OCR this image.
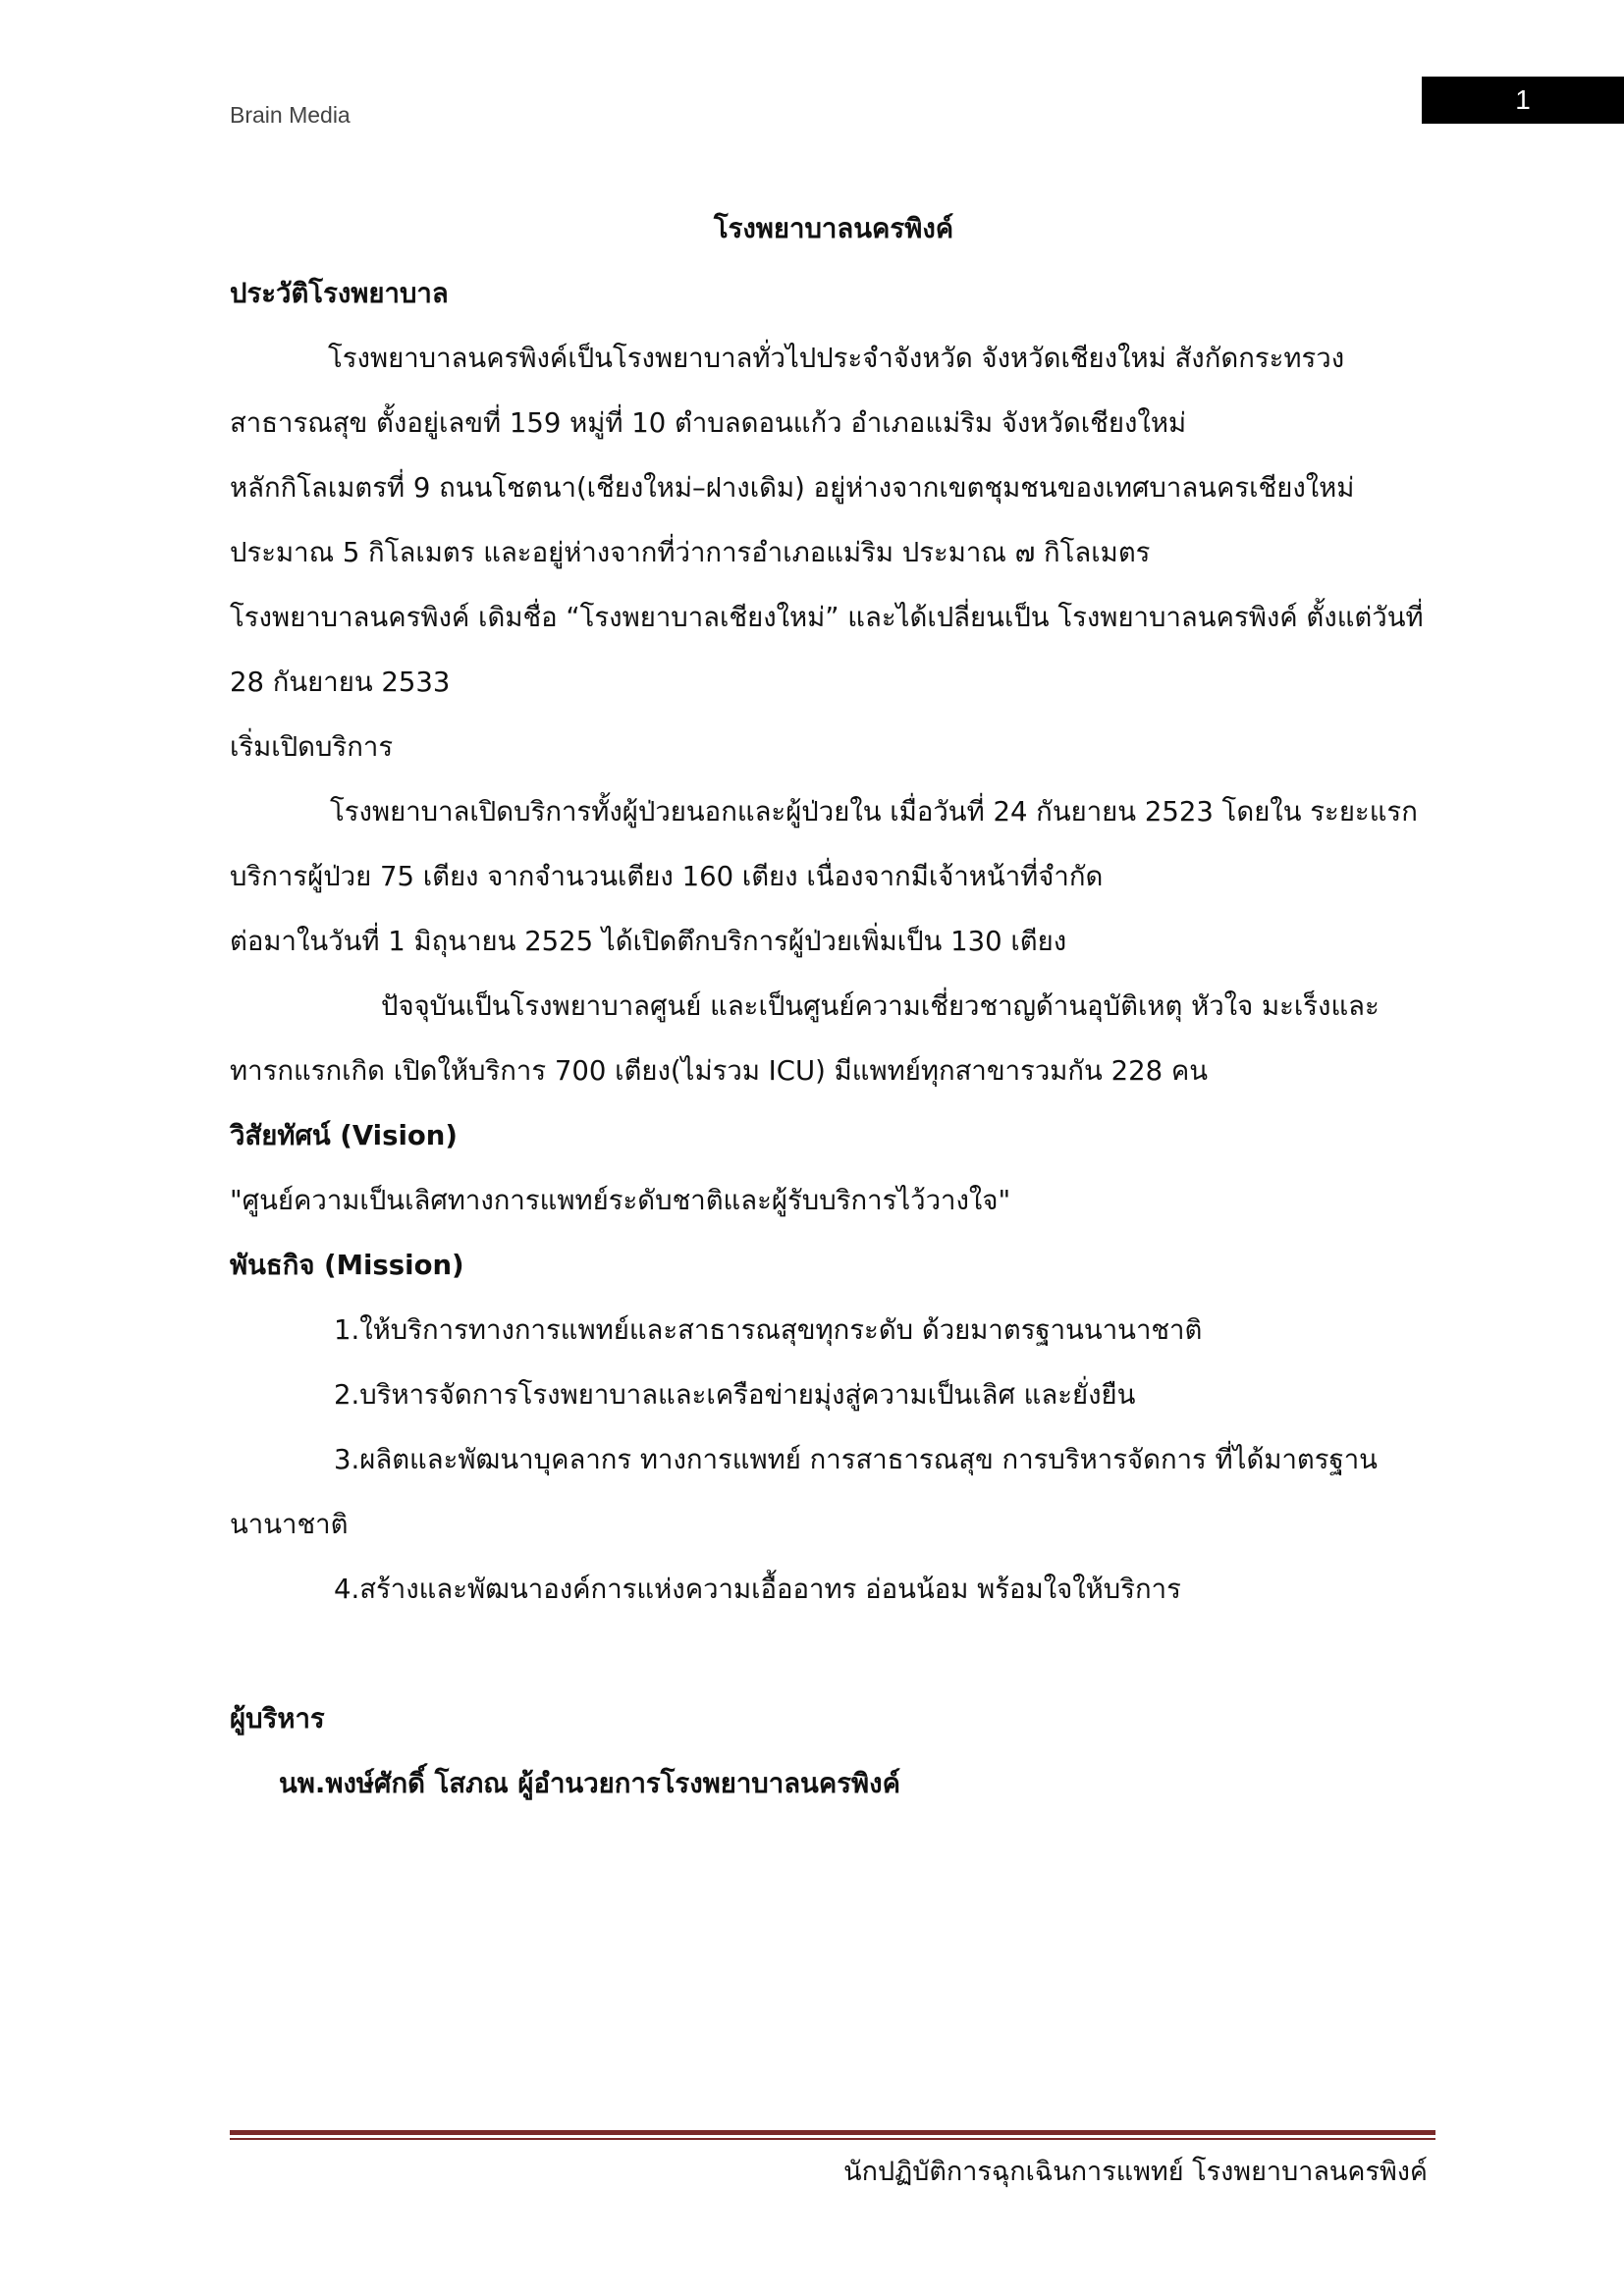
Brain Media	1
โรงพยาบาลนครพิงค์
ประวัติโรงพยาบาล
โรงพยาบาลนครพิงค์เป็นโรงพยาบาลทั่วไปประจำจังหวัด จังหวัดเชียงใหม่ สังกัดกระทรวง
สาธารณสุข ตั้งอยู่เลขที่ 159 หมู่ที่ 10 ตำบลดอนแก้ว อำเภอแม่ริม จังหวัดเชียงใหม่
หลักกิโลเมตรที่ 9 ถนนโชตนา(เชียงใหม่–ฝางเดิม) อยู่ห่างจากเขตชุมชนของเทศบาลนครเชียงใหม่
ประมาณ 5 กิโลเมตร และอยู่ห่างจากที่ว่าการอำเภอแม่ริม ประมาณ ๗ กิโลเมตร
โรงพยาบาลนครพิงค์ เดิมชื่อ “โรงพยาบาลเชียงใหม่” และได้เปลี่ยนเป็น โรงพยาบาลนครพิงค์ ตั้งแต่วันที่
28 กันยายน 2533
เริ่มเปิดบริการ
โรงพยาบาลเปิดบริการทั้งผู้ป่วยนอกและผู้ป่วยใน เมื่อวันที่ 24 กันยายน 2523 โดยใน ระยะแรก
บริการผู้ป่วย 75 เตียง จากจำนวนเตียง 160 เตียง เนื่องจากมีเจ้าหน้าที่จำกัด
ต่อมาในวันที่ 1 มิถุนายน 2525 ได้เปิดตึกบริการผู้ป่วยเพิ่มเป็น 130 เตียง
ปัจจุบันเป็นโรงพยาบาลศูนย์ และเป็นศูนย์ความเชี่ยวชาญด้านอุบัติเหตุ หัวใจ มะเร็งและ
ทารกแรกเกิด เปิดให้บริการ 700 เตียง(ไม่รวม ICU) มีแพทย์ทุกสาขารวมกัน 228 คน
วิสัยทัศน์ (Vision)
"ศูนย์ความเป็นเลิศทางการแพทย์ระดับชาติและผู้รับบริการไว้วางใจ"
พันธกิจ (Mission)
1.ให้บริการทางการแพทย์และสาธารณสุขทุกระดับ ด้วยมาตรฐานนานาชาติ
2.บริหารจัดการโรงพยาบาลและเครือข่ายมุ่งสู่ความเป็นเลิศ และยั่งยืน
3.ผลิตและพัฒนาบุคลากร ทางการแพทย์ การสาธารณสุข การบริหารจัดการ ที่ได้มาตรฐาน
นานาชาติ
4.สร้างและพัฒนาองค์การแห่งความเอื้ออาทร อ่อนน้อม พร้อมใจให้บริการ
ผู้บริหาร
นพ.พงษ์ศักดิ์ โสภณ ผู้อำนวยการโรงพยาบาลนครพิงค์
นักปฏิบัติการฉุกเฉินการแพทย์ โรงพยาบาลนครพิงค์
